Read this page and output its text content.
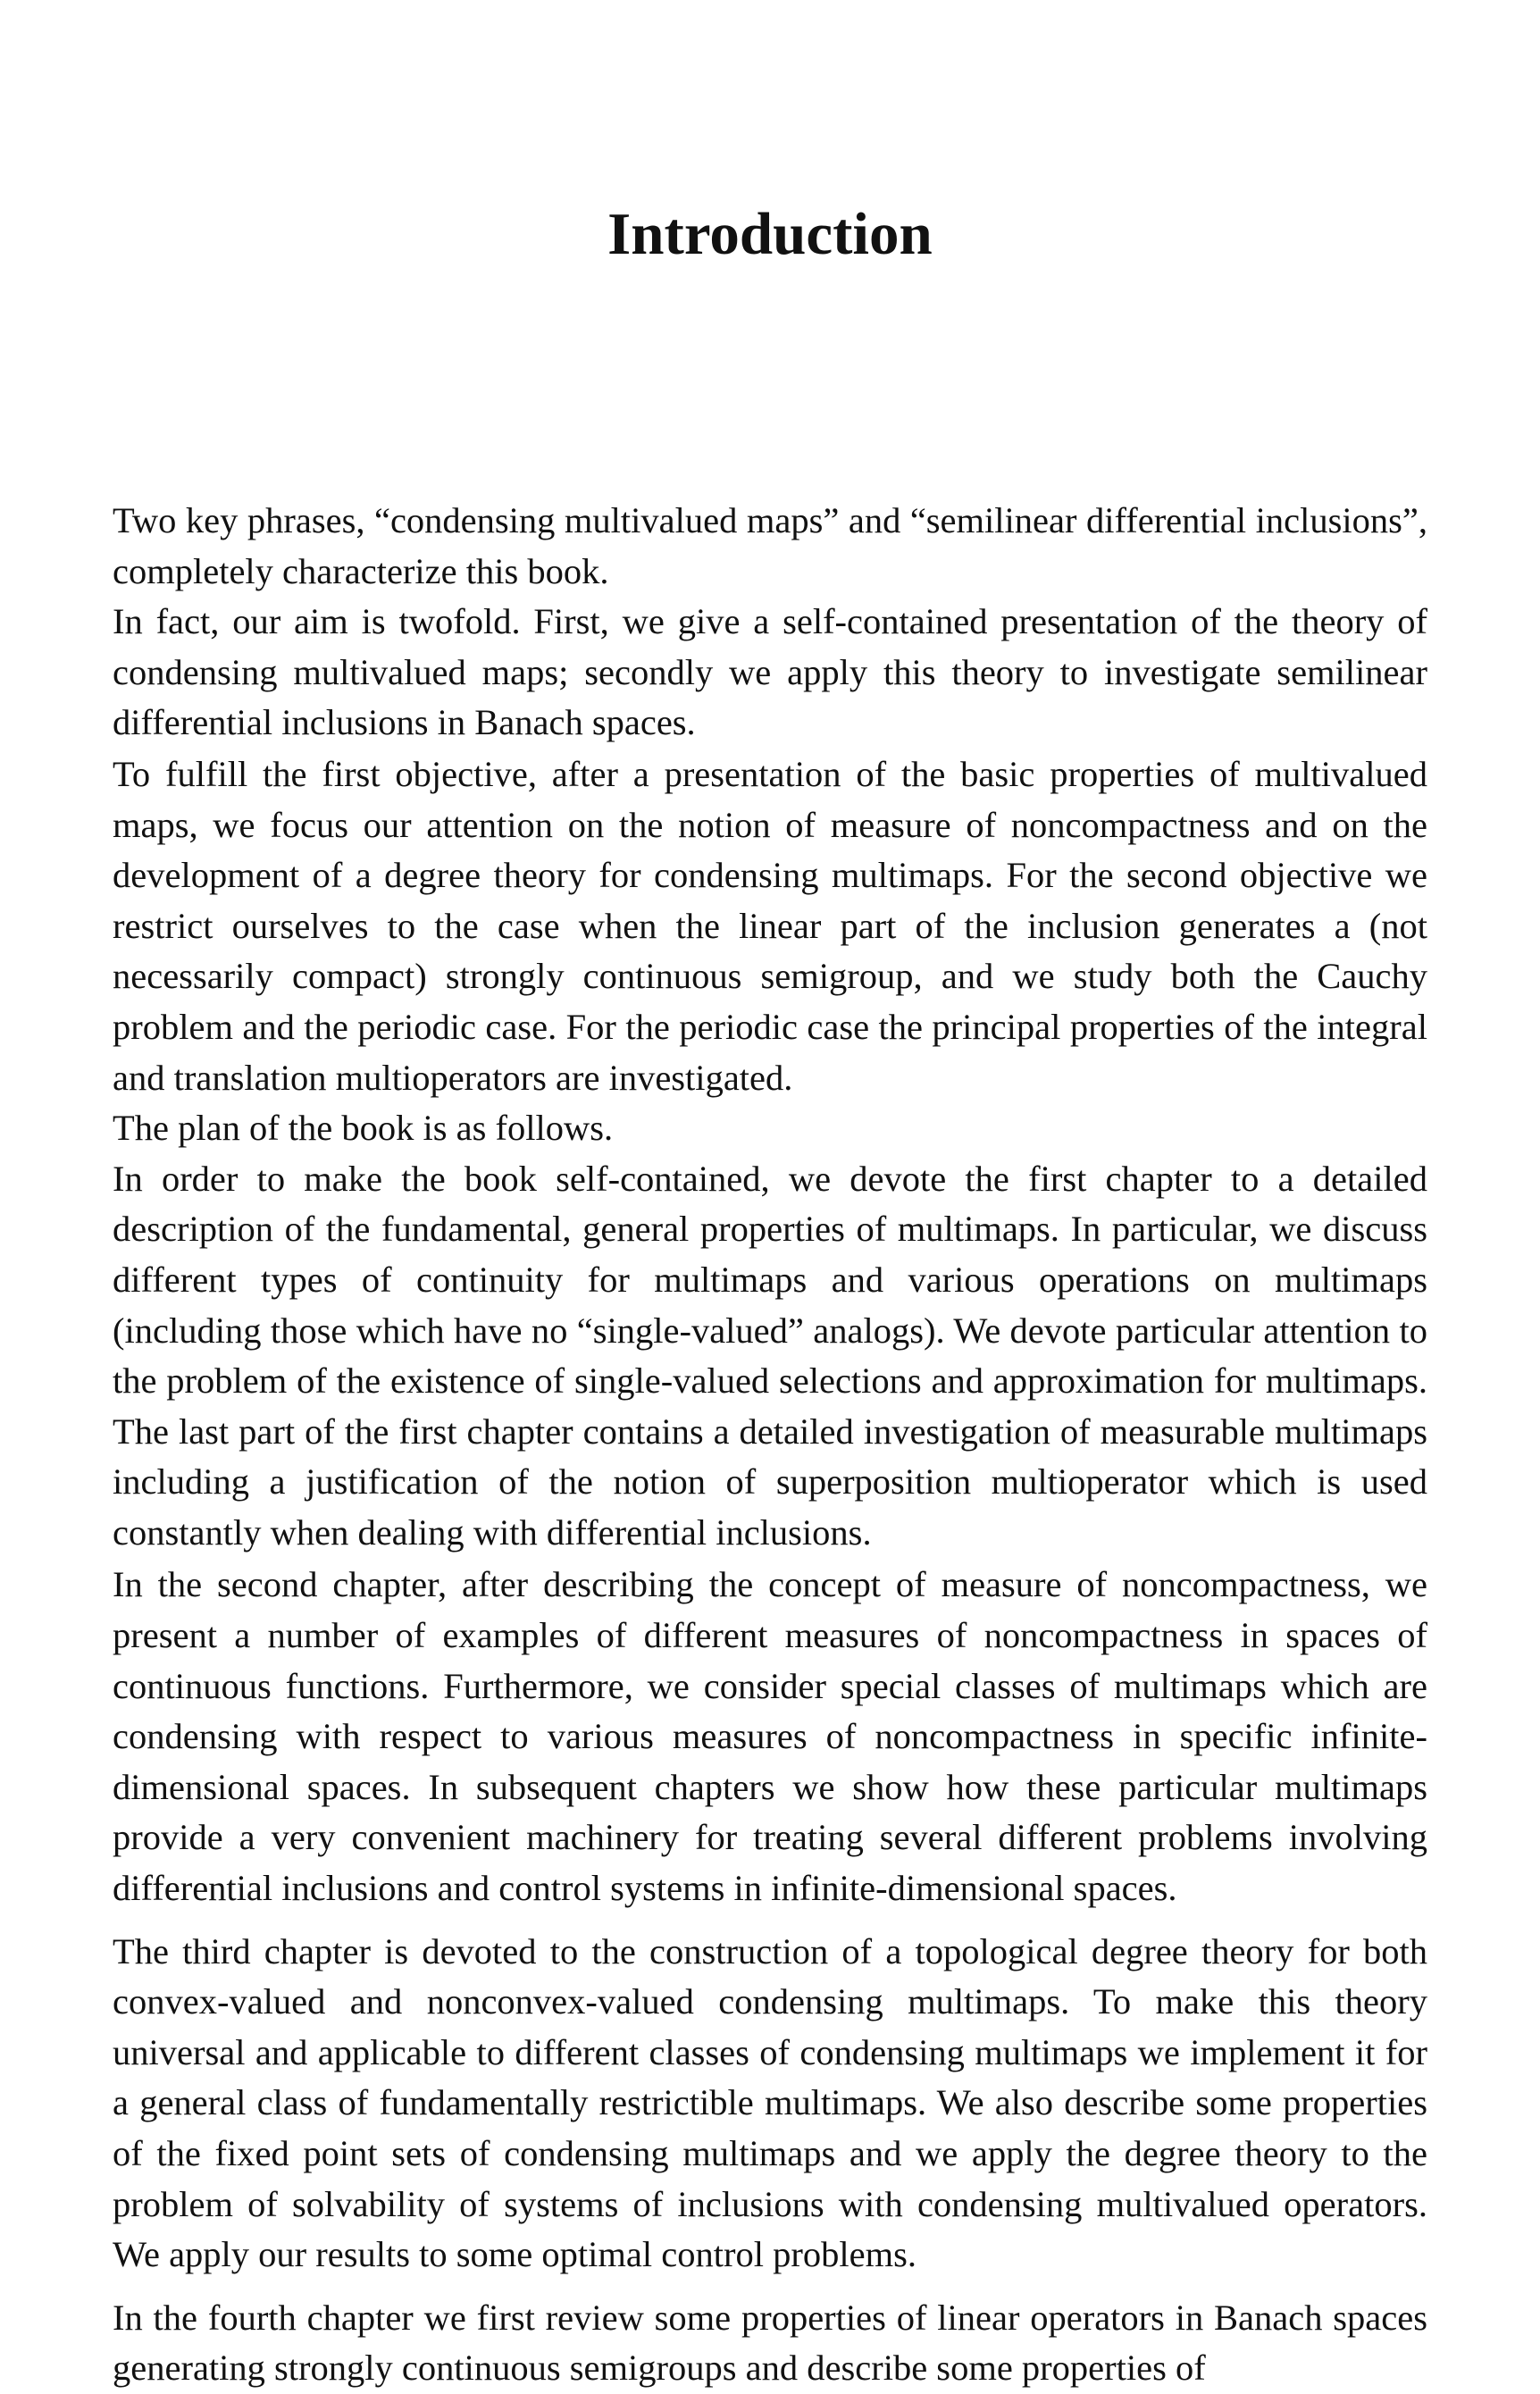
Introduction

Two key phrases, “condensing multivalued maps” and “semilinear differential inclusions”, completely characterize this book.

In fact, our aim is twofold. First, we give a self-contained presentation of the theory of condensing multivalued maps; secondly we apply this theory to investigate semilinear differential inclusions in Banach spaces.

To fulfill the first objective, after a presentation of the basic properties of multivalued maps, we focus our attention on the notion of measure of noncompactness and on the development of a degree theory for condensing multimaps. For the second objective we restrict ourselves to the case when the linear part of the inclusion generates a (not necessarily compact) strongly continuous semigroup, and we study both the Cauchy problem and the periodic case. For the periodic case the principal properties of the integral and translation multioperators are investigated.

The plan of the book is as follows.

In order to make the book self-contained, we devote the first chapter to a detailed description of the fundamental, general properties of multimaps. In particular, we discuss different types of continuity for multimaps and various operations on multimaps (including those which have no “single-valued” analogs). We devote particular attention to the problem of the existence of single-valued selections and approximation for multimaps. The last part of the first chapter contains a detailed investigation of measurable multimaps including a justification of the notion of superposition multioperator which is used constantly when dealing with differential inclusions.

In the second chapter, after describing the concept of measure of noncompactness, we present a number of examples of different measures of noncompactness in spaces of continuous functions. Furthermore, we consider special classes of multimaps which are condensing with respect to various measures of noncompactness in specific infinite-dimensional spaces. In subsequent chapters we show how these particular multimaps provide a very convenient machinery for treating several different problems involving differential inclusions and control systems in infinite-dimensional spaces.

The third chapter is devoted to the construction of a topological degree theory for both convex-valued and nonconvex-valued condensing multimaps. To make this theory universal and applicable to different classes of condensing multimaps we implement it for a general class of fundamentally restrictible multimaps. We also describe some properties of the fixed point sets of condensing multimaps and we apply the degree theory to the problem of solvability of systems of inclusions with condensing multivalued operators. We apply our results to some optimal control problems.

In the fourth chapter we first review some properties of linear operators in Banach spaces generating strongly continuous semigroups and describe some properties of
